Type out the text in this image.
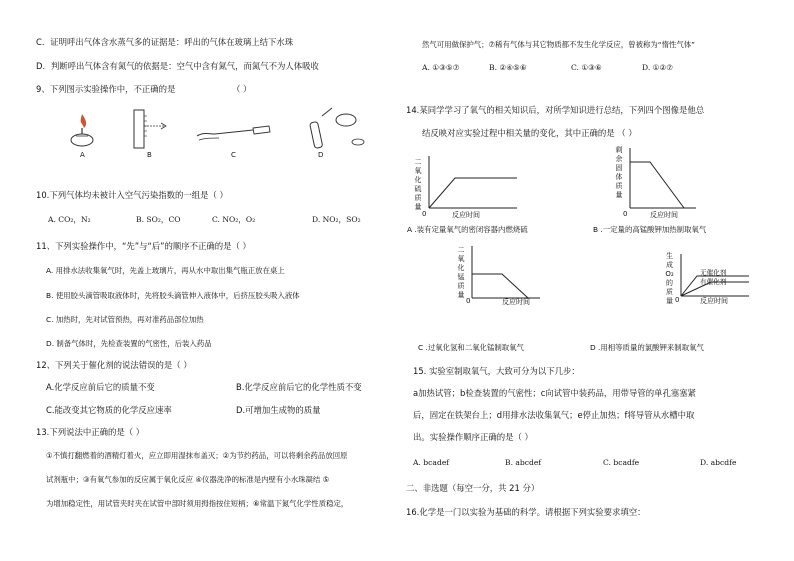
C．证明呼出气体含水蒸气多的证据是：呼出的气体在玻璃上结下水珠
D．判断呼出气体含有氮气的依据是：空气中含有氮气，而氮气不为人体吸收
9、下列图示实验操作中，不正确的是	（ ）
A	B	C	D
10.下列气体均未被计入空气污染指数的一组是（ ）
A. CO₂，N₂	B. SO₂，CO	C. NO₂，O₂	D. NO₂，SO₂
11、下列实验操作中，“先”与“后”的顺序不正确的是（ ）
A. 用排水法收集氧气时，先盖上玻璃片，再从水中取出集气瓶正放在桌上
B. 使用胶头滴管吸取液体时，先将胶头滴管伸入液体中，后挤压胶头吸入液体
C. 加热时，先对试管预热，再对准药品部位加热
D. 制备气体时，先检查装置的气密性，后装入药品
12、下列关于催化剂的说法错误的是（ ）
A.化学反应前后它的质量不变	B.化学反应前后它的化学性质不变
C.能改变其它物质的化学反应速率	D.可增加生成物的质量
13.下列说法中正确的是（ ）
①不慎打翻燃着的酒精灯着火，应立即用湿抹布盖灭；②为节约药品，可以将剩余药品放回原
试剂瓶中；③有氧气参加的反应属于氧化反应 ④仪器洗净的标准是内壁有小水珠凝结 ⑤
为增加稳定性，用试管夹时夹在试管中部时须用拇指按住短柄；⑥常温下氮气化学性质稳定，
然气可用做保护气；⑦稀有气体与其它物质都不发生化学反应，曾被称为“惰性气体”
A. ①③⑤⑦	B. ②④⑤⑥	C. ①③⑥	D. ①②⑦
14.某同学学习了氧气的相关知识后，对所学知识进行总结，下列四个图像是他总
结反映对应实验过程中相关量的变化，其中正确的是 （ ）
二
氧
化
硫
质
量
0	反应时间
A .装有定量氧气的密闭容器内燃烧硫
剩
余
固
体
质
量
0	反应时间
B .一定量的高锰酸钾加热制取氧气
二
氧
化
锰
质
量
0	反应时间
C .过氧化氢和二氧化锰制取氧气
生
成
O₂
的
质
量
无催化剂
有催化剂
0	反应时间
D .用相等质量的氯酸钾来制取氧气
15. 实验室制取氧气，大致可分为以下几步：
a加热试管；b检查装置的气密性；c向试管中装药品，用带导管的单孔塞塞紧
后，固定在铁架台上；d用排水法收集氧气；e停止加热；f将导管从水槽中取
出。实验操作顺序正确的是（ ）
A. bcadef	B. abcdef	C. bcadfe	D. abcdfe
二、非选题（每空一分，共 21 分）
16.化学是一门以实验为基础的科学。请根据下列实验要求填空：
